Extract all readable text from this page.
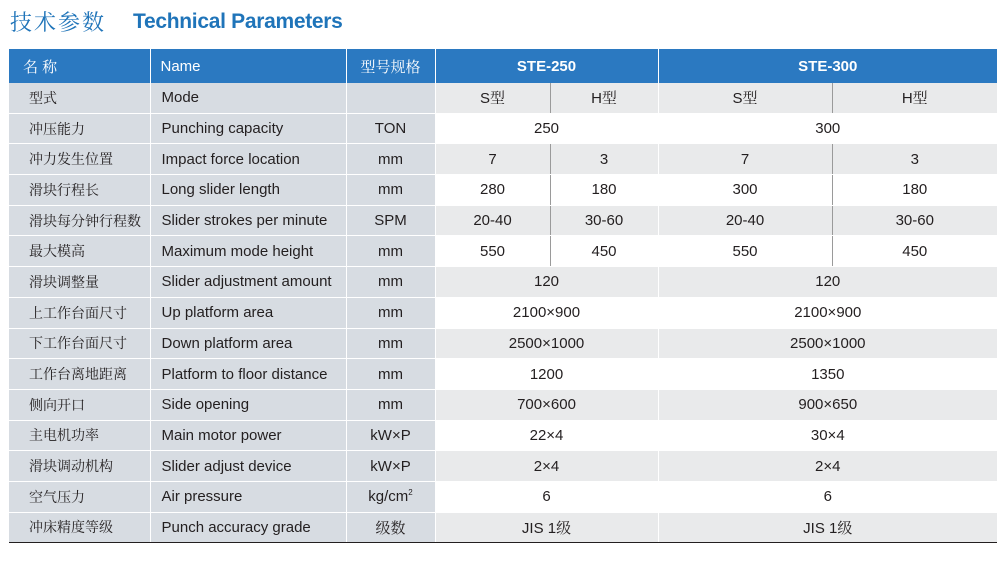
技术参数 Technical Parameters
名 称	Name	型号规格	STE-250		STE-300	
型式	Mode		S型	H型	S型	H型
冲压能力	Punching capacity	TON	250		300	
冲力发生位置	Impact force location	mm	7	3	7	3
滑块行程长	Long slider length	mm	280	180	300	180
滑块每分钟行程数	Slider strokes per minute	SPM	20-40	30-60	20-40	30-60
最大模高	Maximum mode height	mm	550	450	550	450
滑块调整量	Slider adjustment amount	mm	120		120	
上工作台面尺寸	Up platform area	mm	2100×900		2100×900	
下工作台面尺寸	Down platform area	mm	2500×1000		2500×1000	
工作台离地距离	Platform to floor distance	mm	1200		1350	
侧向开口	Side opening	mm	700×600		900×650	
主电机功率	Main motor power	kW×P	22×4		30×4	
滑块调动机构	Slider adjust device	kW×P	2×4		2×4	
空气压力	Air pressure	$kg/cm^2$	6		6	
冲床精度等级	Punch accuracy grade	级数	JIS 1级		JIS 1级	
